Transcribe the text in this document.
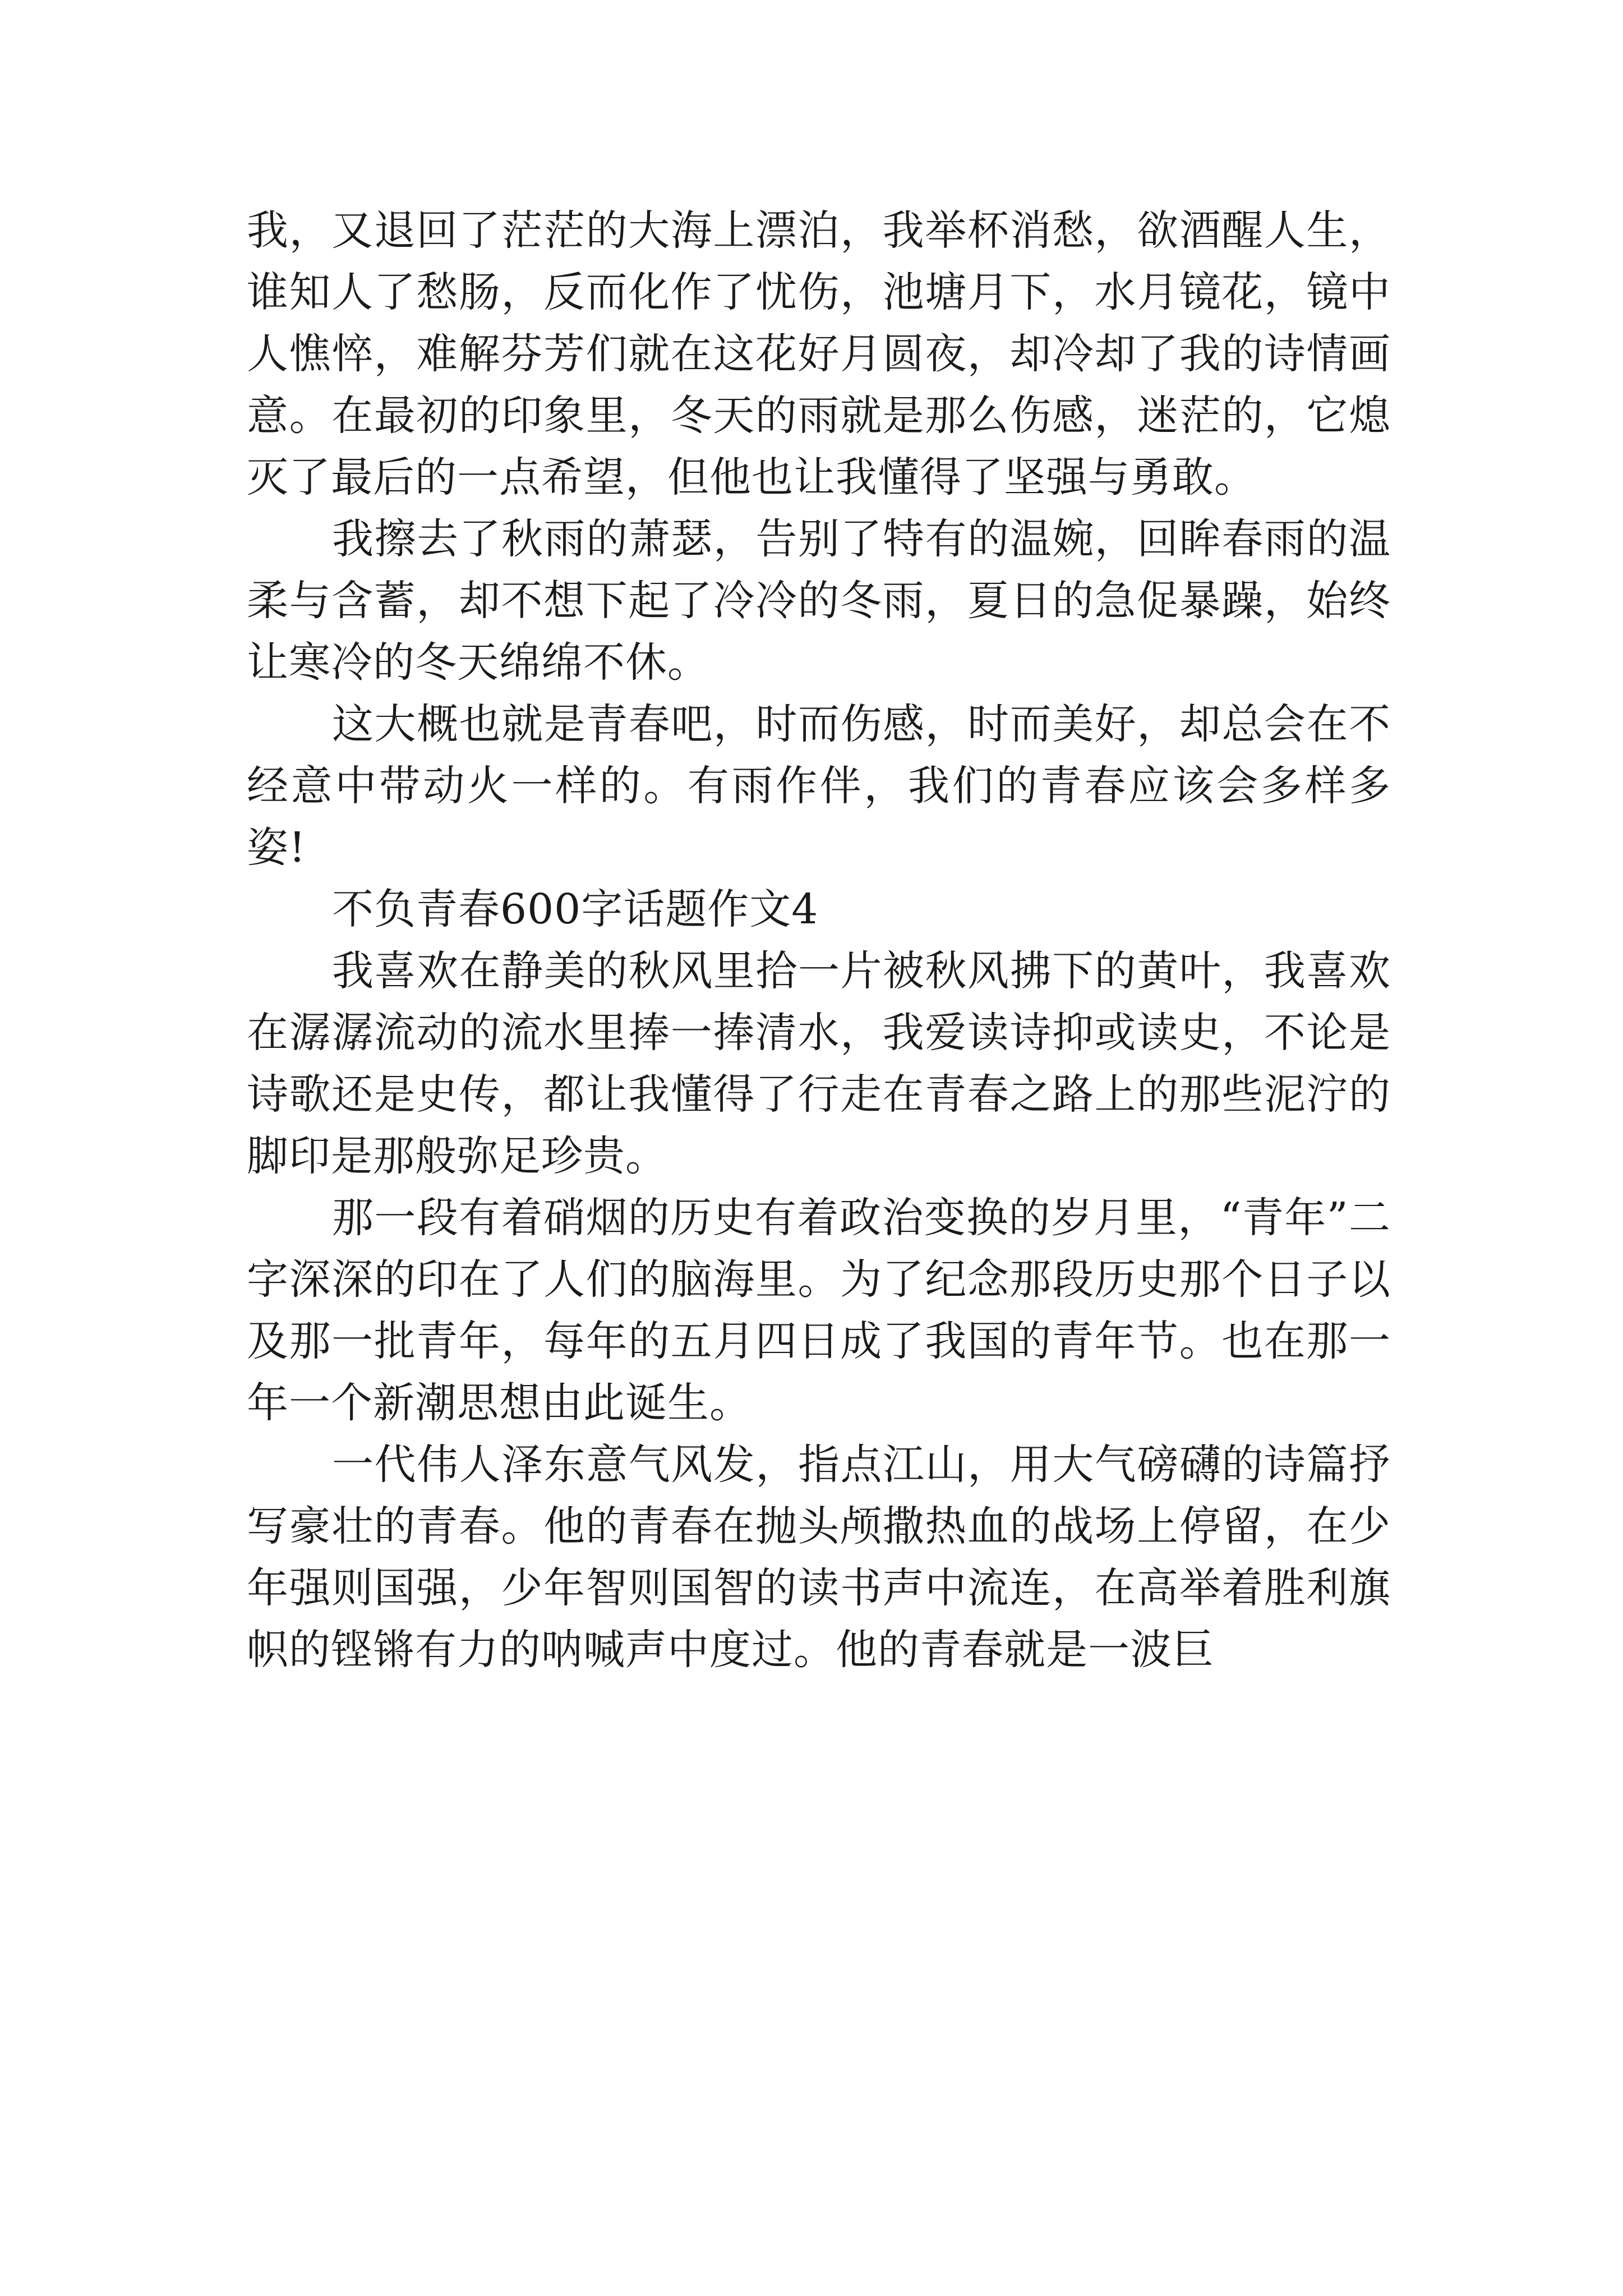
我，又退回了茫茫的大海上漂泊，我举杯消愁，欲酒醒人生，谁知人了愁肠，反而化作了忧伤，池塘月下，水月镜花，镜中人憔悴，难解芬芳们就在这花好月圆夜，却冷却了我的诗情画意。在最初的印象里，冬天的雨就是那么伤感，迷茫的，它熄灭了最后的一点希望，但他也让我懂得了坚强与勇敢。

我擦去了秋雨的萧瑟，告别了特有的温婉，回眸春雨的温柔与含蓄，却不想下起了冷冷的冬雨，夏日的急促暴躁，始终让寒冷的冬天绵绵不休。

这大概也就是青春吧，时而伤感，时而美好，却总会在不经意中带动火一样的。有雨作伴，我们的青春应该会多样多姿!

不负青春600字话题作文4

我喜欢在静美的秋风里拾一片被秋风拂下的黄叶，我喜欢在潺潺流动的流水里捧一捧清水，我爱读诗抑或读史，不论是诗歌还是史传，都让我懂得了行走在青春之路上的那些泥泞的脚印是那般弥足珍贵。

那一段有着硝烟的历史有着政治变换的岁月里，“青年”二字深深的印在了人们的脑海里。为了纪念那段历史那个日子以及那一批青年，每年的五月四日成了我国的青年节。也在那一年一个新潮思想由此诞生。

一代伟人泽东意气风发，指点江山，用大气磅礴的诗篇抒写豪壮的青春。他的青春在抛头颅撒热血的战场上停留，在少年强则国强，少年智则国智的读书声中流连，在高举着胜利旗帜的铿锵有力的呐喊声中度过。他的青春就是一波巨
